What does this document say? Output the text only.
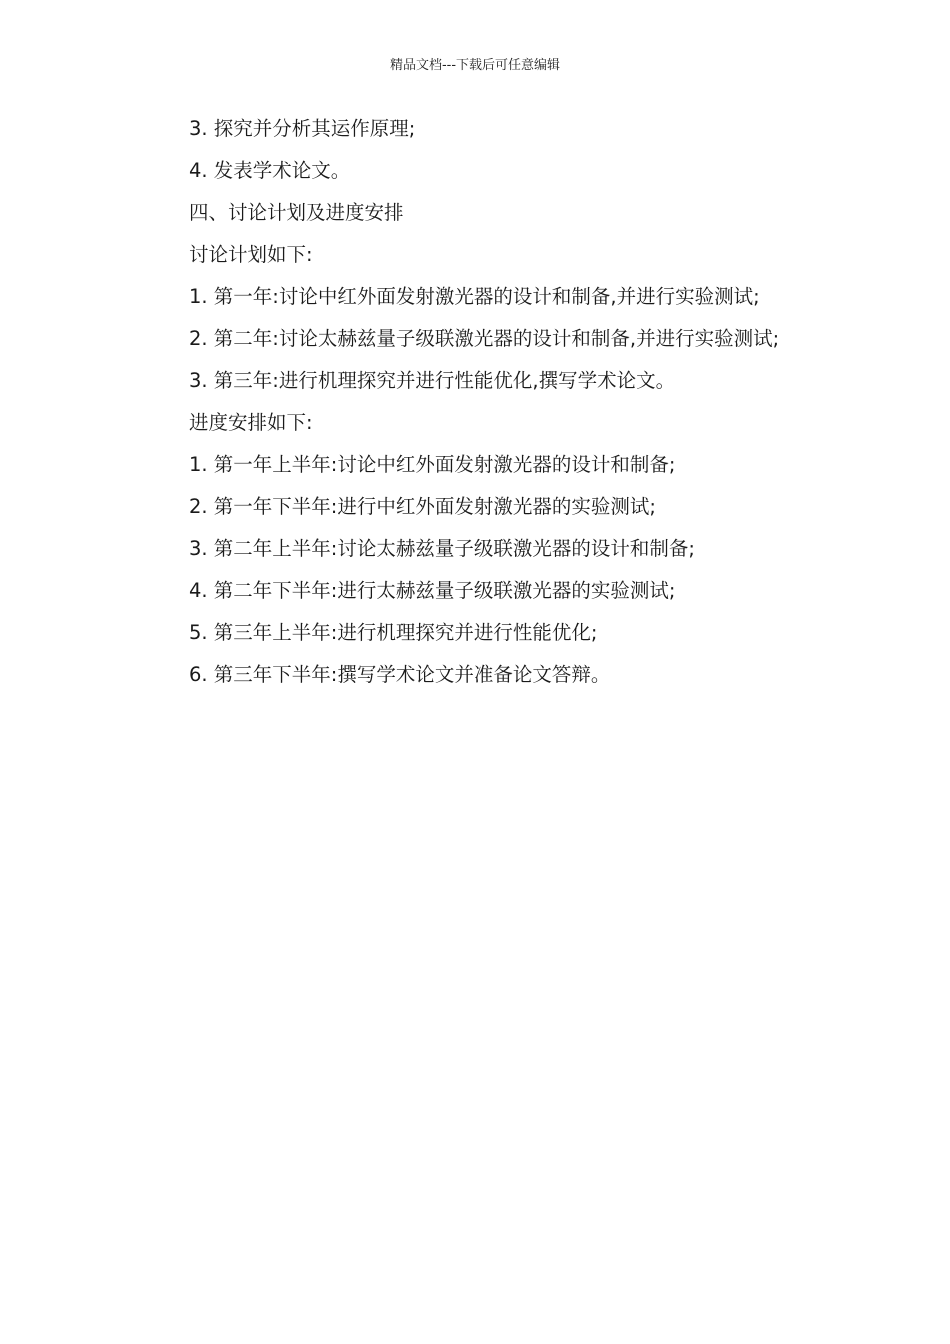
精品文档---下载后可任意编辑

3. 探究并分析其运作原理;

4. 发表学术论文。

四、讨论计划及进度安排

讨论计划如下:

1. 第一年:讨论中红外面发射激光器的设计和制备,并进行实验测试;

2. 第二年:讨论太赫兹量子级联激光器的设计和制备,并进行实验测试;

3. 第三年:进行机理探究并进行性能优化,撰写学术论文。

进度安排如下:

1. 第一年上半年:讨论中红外面发射激光器的设计和制备;

2. 第一年下半年:进行中红外面发射激光器的实验测试;

3. 第二年上半年:讨论太赫兹量子级联激光器的设计和制备;

4. 第二年下半年:进行太赫兹量子级联激光器的实验测试;

5. 第三年上半年:进行机理探究并进行性能优化;

6. 第三年下半年:撰写学术论文并准备论文答辩。
